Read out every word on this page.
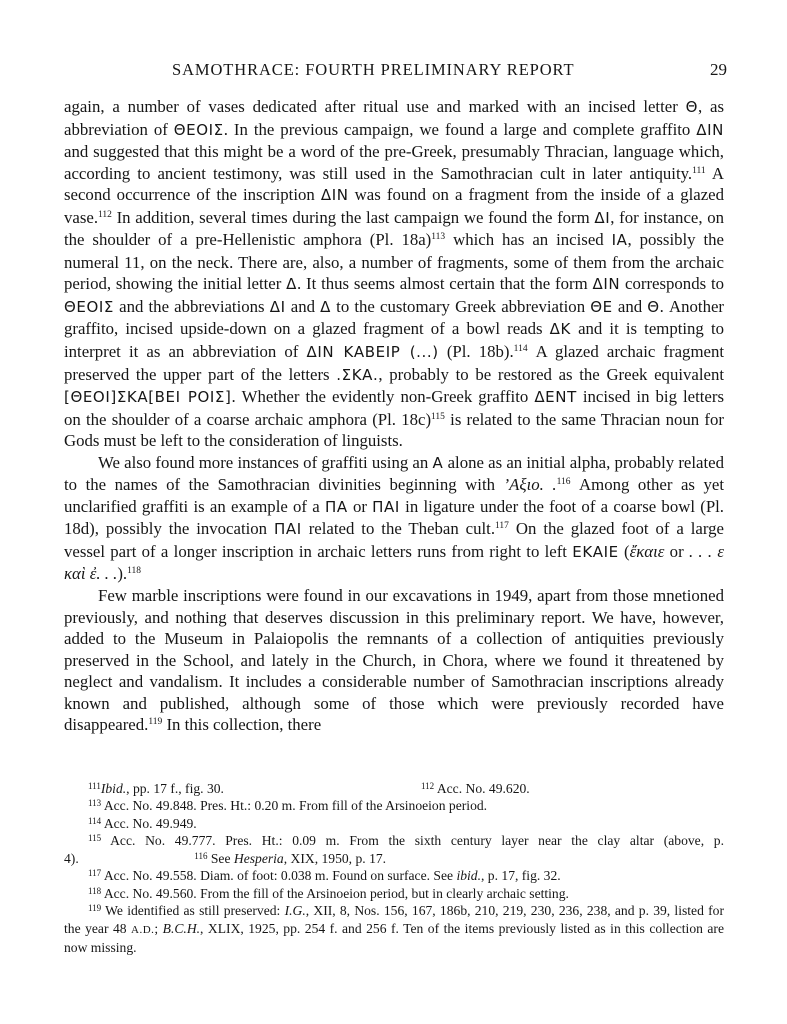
SAMOTHRACE: FOURTH PRELIMINARY REPORT	29

again, a number of vases dedicated after ritual use and marked with an incised letter Θ, as abbreviation of ΘΕΟΙΣ. In the previous campaign, we found a large and complete graffito ΔΙΝ and suggested that this might be a word of the pre-Greek, presumably Thracian, language which, according to ancient testimony, was still used in the Samothracian cult in later antiquity.$^{111}$ A second occurrence of the inscription ΔΙΝ was found on a fragment from the inside of a glazed vase.$^{112}$ In addition, several times during the last campaign we found the form ΔΙ, for instance, on the shoulder of a pre-Hellenistic amphora (Pl. 18a)$^{113}$ which has an incised ΙΑ, possibly the numeral 11, on the neck. There are, also, a number of fragments, some of them from the archaic period, showing the initial letter Δ. It thus seems almost certain that the form ΔΙΝ corresponds to ΘΕΟΙΣ and the abbreviations ΔΙ and Δ to the customary Greek abbreviation ΘΕ and Θ. Another graffito, incised upside-down on a glazed fragment of a bowl reads ΔΚ and it is tempting to interpret it as an abbreviation of ΔΙΝ ΚΑΒΕΙΡ (...) (Pl. 18b).$^{114}$ A glazed archaic fragment preserved the upper part of the letters .ΣΚΑ., probably to be restored as the Greek equivalent [ΘΕΟΙ]ΣΚΑ[ΒΕΙ ΡΟΙΣ]. Whether the evidently non-Greek graffito ΔΕΝΤ incised in big letters on the shoulder of a coarse archaic amphora (Pl. 18c)$^{115}$ is related to the same Thracian noun for Gods must be left to the consideration of linguists.

We also found more instances of graffiti using an Α alone as an initial alpha, probably related to the names of the Samothracian divinities beginning with ’Αξιο. .$^{116}$ Among other as yet unclarified graffiti is an example of a ΠΑ or ΠΑΙ in ligature under the foot of a coarse bowl (Pl. 18d), possibly the invocation ΠΑΙ related to the Theban cult.$^{117}$ On the glazed foot of a large vessel part of a longer inscription in archaic letters runs from right to left ΕΚΑΙΕ (ἔκαιε or . . . ε καὶ ἐ. . .).$^{118}$

Few marble inscriptions were found in our excavations in 1949, apart from those mnetioned previously, and nothing that deserves discussion in this preliminary report. We have, however, added to the Museum in Palaiopolis the remnants of a collection of antiquities previously preserved in the School, and lately in the Church, in Chora, where we found it threatened by neglect and vandalism. It includes a considerable number of Samothracian inscriptions already known and published, although some of those which were previously recorded have disappeared.$^{119}$ In this collection, there

$^{111}$Ibid., pp. 17 f., fig. 30.	$^{112}$ Acc. No. 49.620.

$^{113}$ Acc. No. 49.848. Pres. Ht.: 0.20 m. From fill of the Arsinoeion period.

$^{114}$ Acc. No. 49.949.

$^{115}$ Acc. No. 49.777. Pres. Ht.: 0.09 m. From the sixth century layer near the clay altar (above, p. 4).         	$^{116}$ See Hesperia, XIX, 1950, p. 17.

$^{117}$ Acc. No. 49.558. Diam. of foot: 0.038 m. Found on surface. See ibid., p. 17, fig. 32.

$^{118}$ Acc. No. 49.560. From the fill of the Arsinoeion period, but in clearly archaic setting.

$^{119}$ We identified as still preserved: I.G., XII, 8, Nos. 156, 167, 186b, 210, 219, 230, 236, 238, and p. 39, listed for the year 48 A.D.; B.C.H., XLIX, 1925, pp. 254 f. and 256 f. Ten of the items previously listed as in this collection are now missing.
